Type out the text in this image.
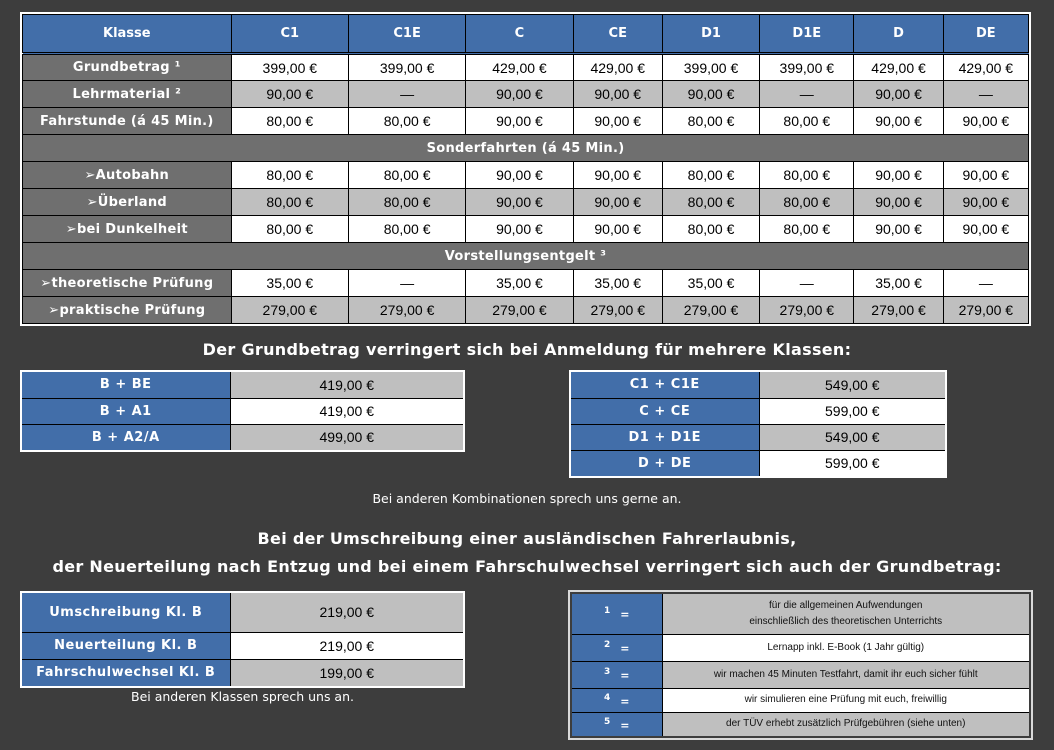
Klasse	C1	C1E	C	CE	D1	D1E	D	DE
Grundbetrag ¹	399,00 €	399,00 €	429,00 €	429,00 €	399,00 €	399,00 €	429,00 €	429,00 €
Lehrmaterial ²	90,00 €	—	90,00 €	90,00 €	90,00 €	—	90,00 €	—
Fahrstunde (á 45 Min.)	80,00 €	80,00 €	90,00 €	90,00 €	80,00 €	80,00 €	90,00 €	90,00 €
Sonderfahrten (á 45 Min.)								
➢Autobahn	80,00 €	80,00 €	90,00 €	90,00 €	80,00 €	80,00 €	90,00 €	90,00 €
➢Überland	80,00 €	80,00 €	90,00 €	90,00 €	80,00 €	80,00 €	90,00 €	90,00 €
➢bei Dunkelheit	80,00 €	80,00 €	90,00 €	90,00 €	80,00 €	80,00 €	90,00 €	90,00 €
Vorstellungsentgelt ³								
➢theoretische Prüfung	35,00 €	—	35,00 €	35,00 €	35,00 €	—	35,00 €	—
➢praktische Prüfung	279,00 €	279,00 €	279,00 €	279,00 €	279,00 €	279,00 €	279,00 €	279,00 €
Der Grundbetrag verringert sich bei Anmeldung für mehrere Klassen:
B + BE	419,00 €
B + A1	419,00 €
B + A2/A	499,00 €
C1 + C1E	549,00 €
C + CE	599,00 €
D1 + D1E	549,00 €
D + DE	599,00 €
Bei anderen Kombinationen sprech uns gerne an.
Bei der Umschreibung einer ausländischen Fahrerlaubnis,
der Neuerteilung nach Entzug und bei einem Fahrschulwechsel verringert sich auch der Grundbetrag:
Umschreibung Kl. B	219,00 €
Neuerteilung Kl. B	219,00 €
Fahrschulwechsel Kl. B	199,00 €
Bei anderen Klassen sprech uns an.
$^1$ =	für die allgemeinen Aufwendungen
einschließlich des theoretischen Unterrichts

$^2$ =	Lernapp inkl. E-Book (1 Jahr gültig)

$^3$ =	wir machen 45 Minuten Testfahrt, damit ihr euch sicher fühlt

$^4$ =	wir simulieren eine Prüfung mit euch, freiwillig

$^5$ =	der TÜV erhebt zusätzlich Prüfgebühren (siehe unten)
